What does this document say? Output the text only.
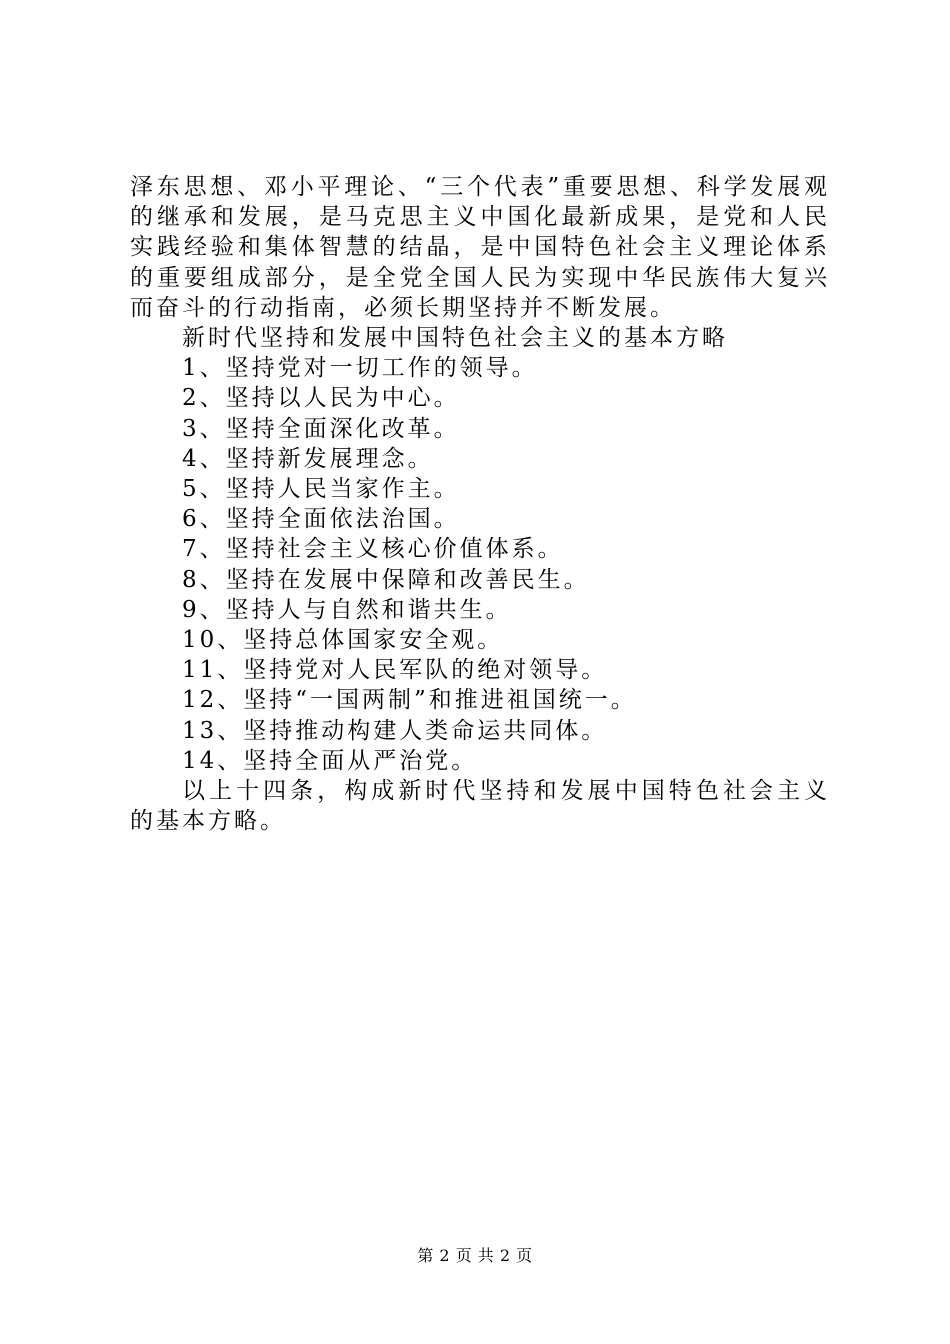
泽东思想、邓小平理论、“三个代表”重要思想、科学发展观的继承和发展，是马克思主义中国化最新成果，是党和人民实践经验和集体智慧的结晶，是中国特色社会主义理论体系的重要组成部分，是全党全国人民为实现中华民族伟大复兴而奋斗的行动指南，必须长期坚持并不断发展。

新时代坚持和发展中国特色社会主义的基本方略

1、坚持党对一切工作的领导。
2、坚持以人民为中心。
3、坚持全面深化改革。
4、坚持新发展理念。
5、坚持人民当家作主。
6、坚持全面依法治国。
7、坚持社会主义核心价值体系。
8、坚持在发展中保障和改善民生。
9、坚持人与自然和谐共生。
10、坚持总体国家安全观。
11、坚持党对人民军队的绝对领导。
12、坚持“一国两制”和推进祖国统一。
13、坚持推动构建人类命运共同体。
14、坚持全面从严治党。

以上十四条，构成新时代坚持和发展中国特色社会主义的基本方略。

第 2 页 共 2 页
